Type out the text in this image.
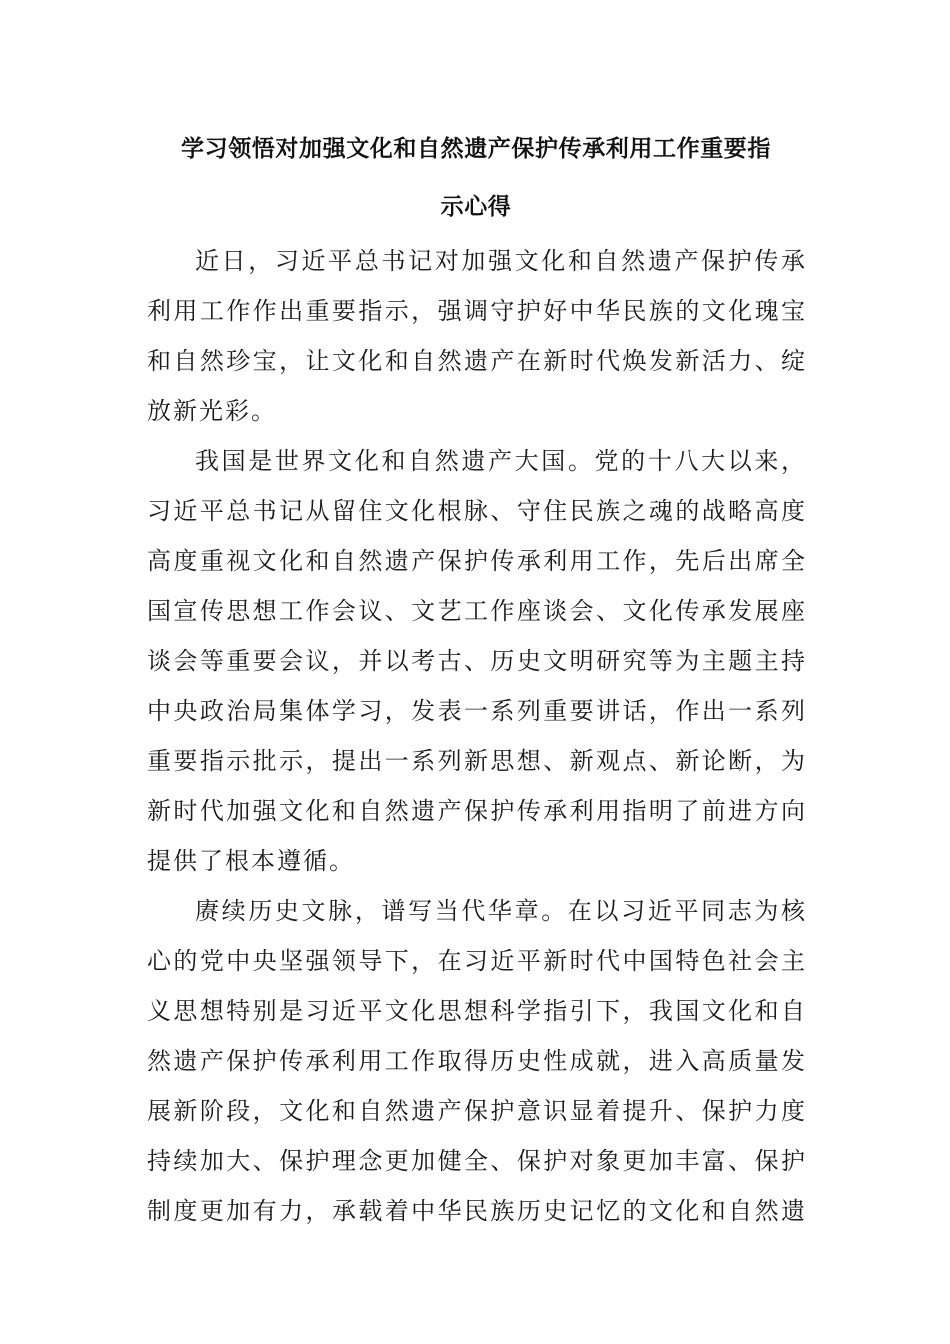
学习领悟对加强文化和自然遗产保护传承利用工作重要指
示心得
近日，习近平总书记对加强文化和自然遗产保护传承
利用工作作出重要指示，强调守护好中华民族的文化瑰宝
和自然珍宝，让文化和自然遗产在新时代焕发新活力、绽
放新光彩。
我国是世界文化和自然遗产大国。党的十八大以来，
习近平总书记从留住文化根脉、守住民族之魂的战略高度
高度重视文化和自然遗产保护传承利用工作，先后出席全
国宣传思想工作会议、文艺工作座谈会、文化传承发展座
谈会等重要会议，并以考古、历史文明研究等为主题主持
中央政治局集体学习，发表一系列重要讲话，作出一系列
重要指示批示，提出一系列新思想、新观点、新论断，为
新时代加强文化和自然遗产保护传承利用指明了前进方向
提供了根本遵循。
赓续历史文脉，谱写当代华章。在以习近平同志为核
心的党中央坚强领导下，在习近平新时代中国特色社会主
义思想特别是习近平文化思想科学指引下，我国文化和自
然遗产保护传承利用工作取得历史性成就，进入高质量发
展新阶段，文化和自然遗产保护意识显着提升、保护力度
持续加大、保护理念更加健全、保护对象更加丰富、保护
制度更加有力，承载着中华民族历史记忆的文化和自然遗
